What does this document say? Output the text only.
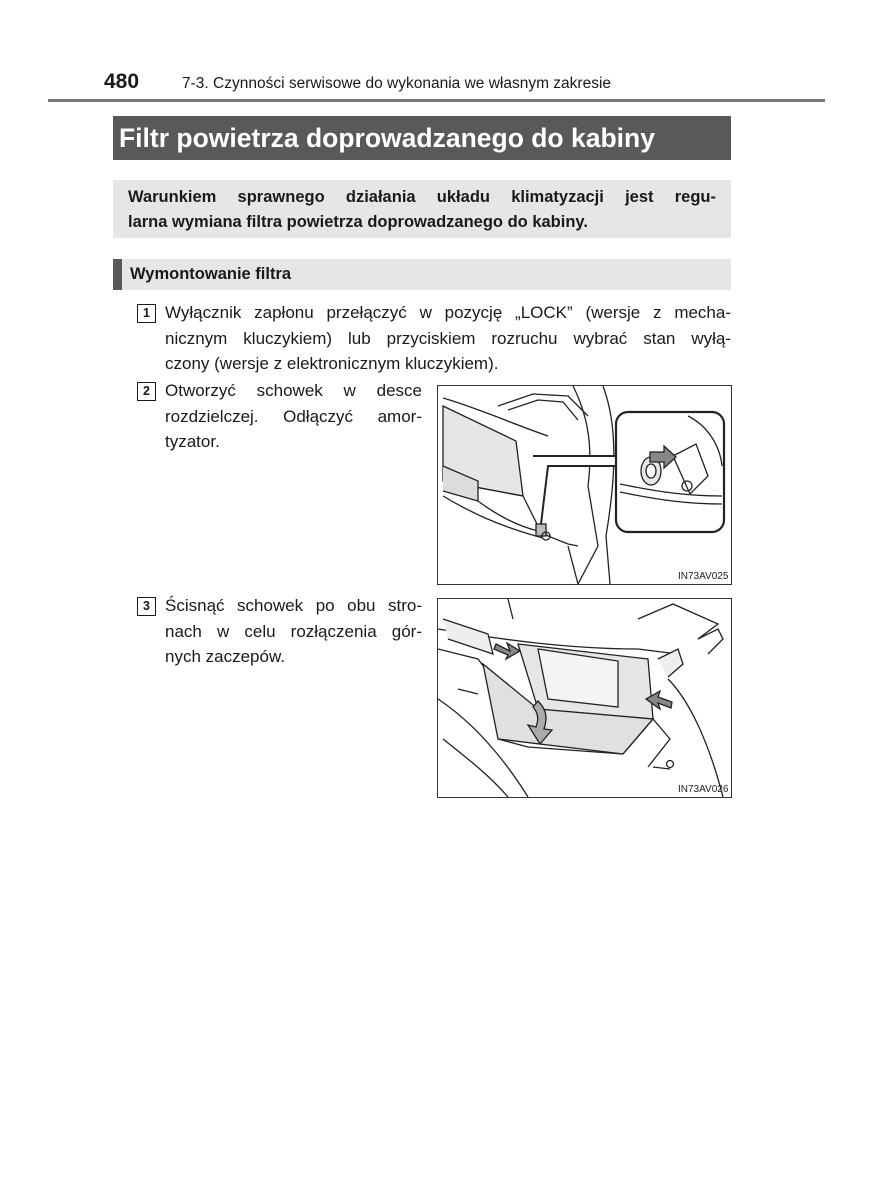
480	7-3. Czynności serwisowe do wykonania we własnym zakresie
Filtr powietrza doprowadzanego do kabiny
Warunkiem sprawnego działania układu klimatyzacji jest regu-
larna wymiana filtra powietrza doprowadzanego do kabiny.
Wymontowanie filtra
1 Wyłącznik zapłonu przełączyć w pozycję „LOCK” (wersje z mecha-
nicznym kluczykiem) lub przyciskiem rozruchu wybrać stan wyłą-
czony (wersje z elektronicznym kluczykiem).
2 Otworzyć schowek w desce
rozdzielczej. Odłączyć amor-
tyzator.
IN73AV025
3 Ścisnąć schowek po obu stro-
nach w celu rozłączenia gór-
nych zaczepów.
IN73AV026
